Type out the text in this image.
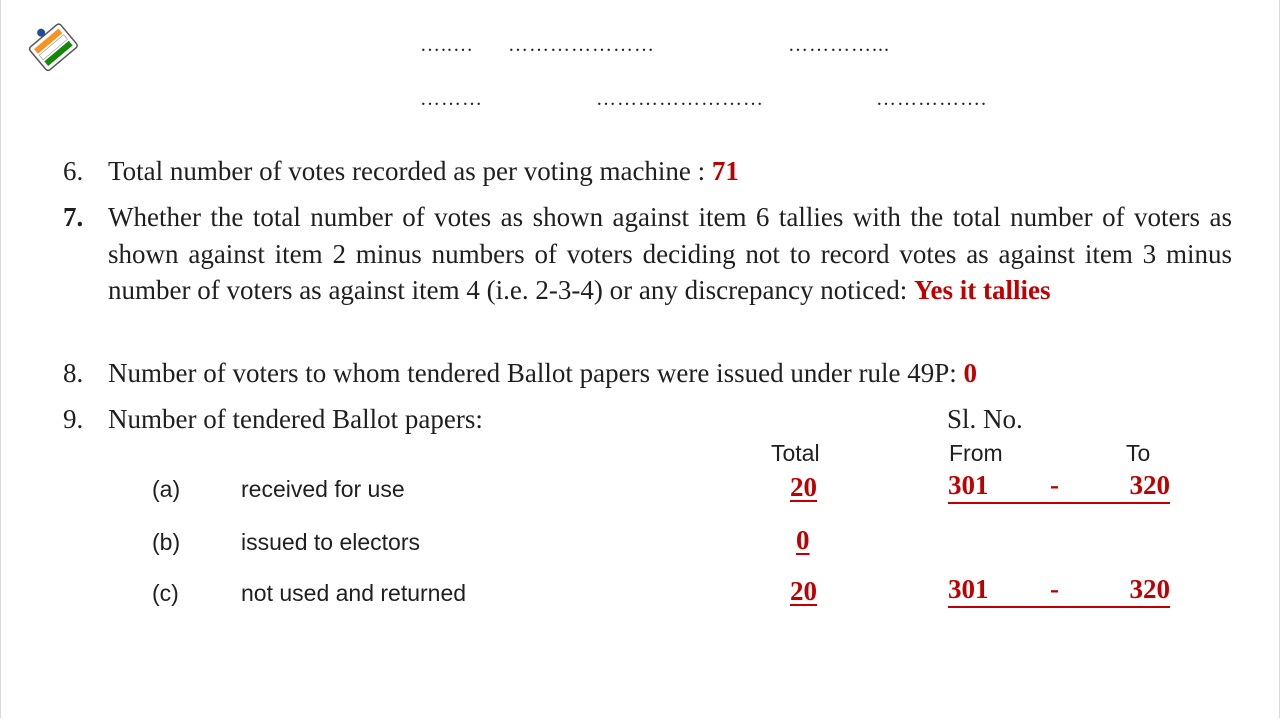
…..… …………………	…………...
………	……………………	…………….
6. Total number of votes recorded as per voting machine : 71
7. Whether the total number of votes as shown against item 6 tallies with the total number of voters as shown against item 2 minus numbers of voters deciding not to record votes as against item 3 minus number of voters as against item 4 (i.e. 2-3-4) or any discrepancy noticed: Yes it tallies
8. Number of voters to whom tendered Ballot papers were issued under rule 49P: 0
9. Number of tendered Ballot papers:	Sl. No.
Total	From	To
(a)	received for use	20	301 -	320
(b)	issued to electors	0
(c)	not used and returned	20	301 -	320
